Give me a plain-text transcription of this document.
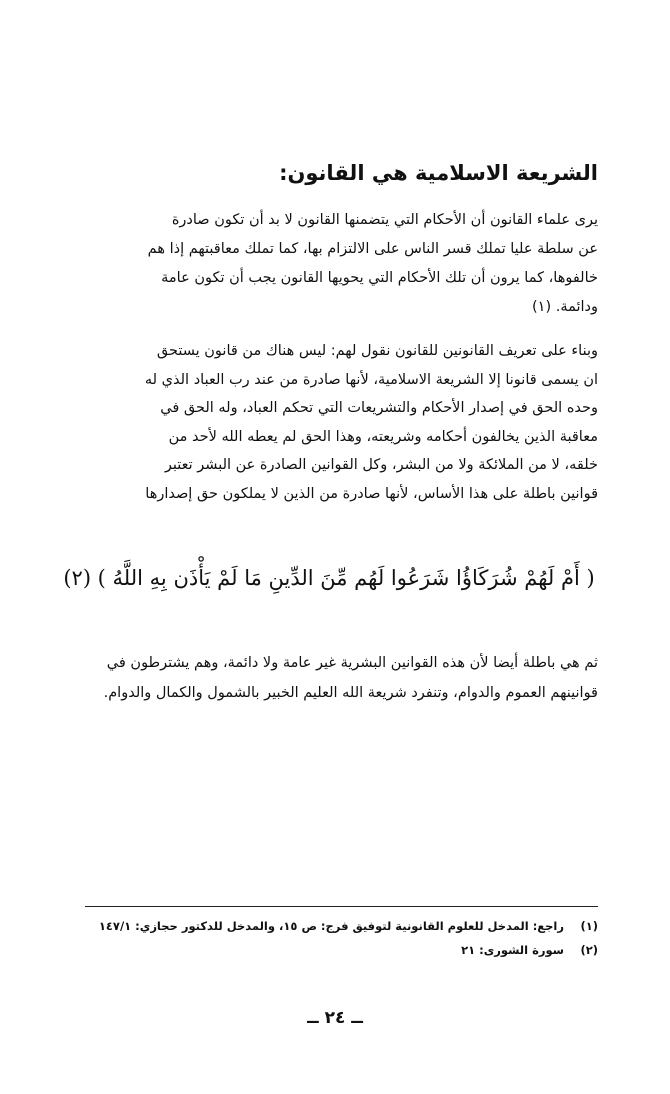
الشريعة الاسلامية هي القانون:
يرى علماء القانون أن الأحكام التي يتضمنها القانون لا بد أن تكون صادرة
عن سلطة عليا تملك قسر الناس على الالتزام بها، كما تملك معاقبتهم إذا هم
خالفوها، كما يرون أن تلك الأحكام التي يحويها القانون يجب أن تكون عامة
ودائمة. (١)
وبناء على تعريف القانونين للقانون نقول لهم: ليس هناك من قانون يستحق
ان يسمى قانونا إلا الشريعة الاسلامية، لأنها صادرة من عند رب العباد الذي له
وحده الحق في إصدار الأحكام والتشريعات التي تحكم العباد، وله الحق في
معاقبة الذين يخالفون أحكامه وشريعته، وهذا الحق لم يعطه الله لأحد من
خلقه، لا من الملائكة ولا من البشر، وكل القوانين الصادرة عن البشر تعتبر
قوانين باطلة على هذا الأساس، لأنها صادرة من الذين لا يملكون حق إصدارها
( أَمْ لَهُمْ شُرَكَاؤُا شَرَعُوا لَهُم مِّنَ الدِّينِ مَا لَمْ يَأْذَن بِهِ اللَّهُ ) (٢)
ثم هي باطلة أيضا لأن هذه القوانين البشرية غير عامة ولا دائمة، وهم يشترطون في
قوانينهم العموم والدوام، وتنفرد شريعة الله العليم الخبير بالشمول والكمال والدوام.
(١)
راجع: المدخل للعلوم القانونية لتوفيق فرج: ص ١٥، والمدخل للدكتور حجازي: ١٤٧/١
(٢)
سورة الشورى: ٢١
ــ ٢٤ ــ
